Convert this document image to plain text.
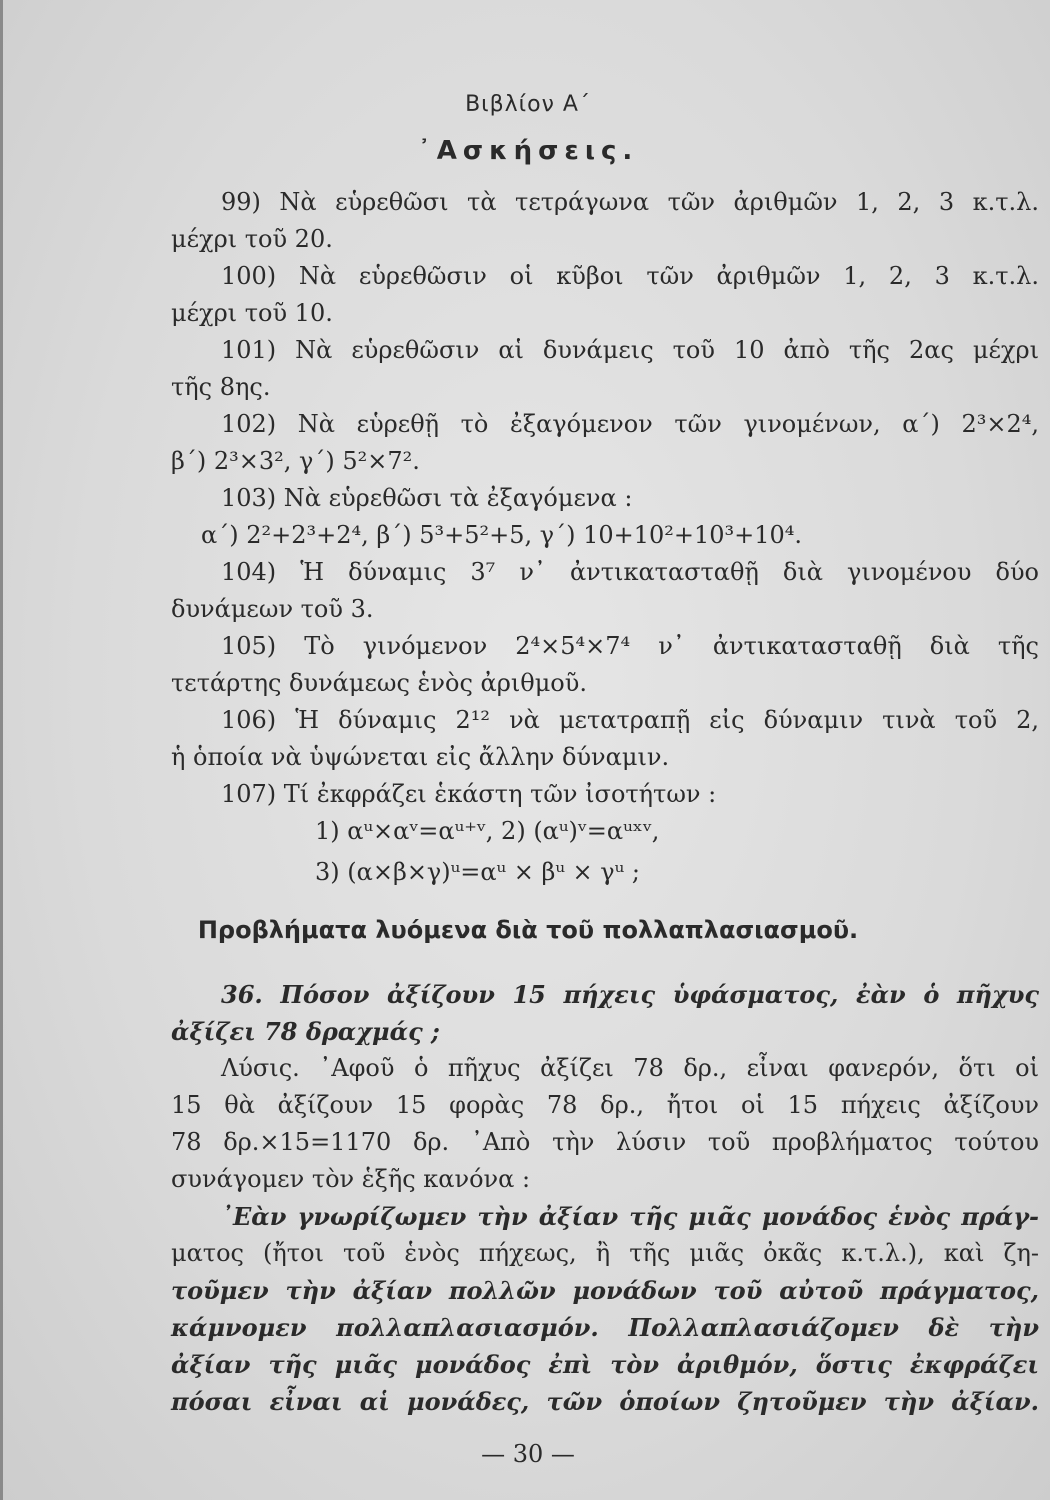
Βιβλίον Α΄
᾿Ασκήσεις.
99) Νὰ εὑρεθῶσι τὰ τετράγωνα τῶν ἀριθμῶν 1, 2, 3 κ.τ.λ.
μέχρι τοῦ 20.
100) Νὰ εὑρεθῶσιν οἱ κῦβοι τῶν ἀριθμῶν 1, 2, 3 κ.τ.λ.
μέχρι τοῦ 10.
101) Νὰ εὑρεθῶσιν αἱ δυνάμεις τοῦ 10 ἀπὸ τῆς 2ας μέχρι
τῆς 8ης.
102) Νὰ εὑρεθῇ τὸ ἐξαγόμενον τῶν γινομένων, α΄) 2³×2⁴,
β΄) 2³×3², γ΄) 5²×7².
103) Νὰ εὑρεθῶσι τὰ ἐξαγόμενα :
α΄) 2²+2³+2⁴, β΄) 5³+5²+5, γ΄) 10+10²+10³+10⁴.
104) Ἡ δύναμις 3⁷ ν᾿ ἀντικατασταθῇ διὰ γινομένου δύο
δυνάμεων τοῦ 3.
105) Τὸ γινόμενον 2⁴×5⁴×7⁴ ν᾿ ἀντικατασταθῇ διὰ τῆς
τετάρτης δυνάμεως ἑνὸς ἀριθμοῦ.
106) Ἡ δύναμις 2¹² νὰ μετατραπῇ εἰς δύναμιν τινὰ τοῦ 2,
ἡ ὁποία νὰ ὑψώνεται εἰς ἄλλην δύναμιν.
107) Τί ἐκφράζει ἑκάστη τῶν ἰσοτήτων :
1) αᵘ×αᵛ=αᵘ⁺ᵛ, 2) (αᵘ)ᵛ=αᵘˣᵛ,
3) (α×β×γ)ᵘ=αᵘ × βᵘ × γᵘ ;
Προβλήματα λυόμενα διὰ τοῦ πολλαπλασιασμοῦ.
36. Πόσον ἀξίζουν 15 πήχεις ὑφάσματος, ἐὰν ὁ πῆχυς
ἀξίζει 78 δραχμάς ;
Λύσις. ᾿Αφοῦ ὁ πῆχυς ἀξίζει 78 δρ., εἶναι φανερόν, ὅτι οἱ
15 θὰ ἀξίζουν 15 φορὰς 78 δρ., ἤτοι οἱ 15 πήχεις ἀξίζουν
78 δρ.×15=1170 δρ. ᾿Απὸ τὴν λύσιν τοῦ προβλήματος τούτου
συνάγομεν τὸν ἑξῆς κανόνα :
᾿Εὰν γνωρίζωμεν τὴν ἀξίαν τῆς μιᾶς μονάδος ἑνὸς πράγ-
ματος (ἤτοι τοῦ ἑνὸς πήχεως, ἢ τῆς μιᾶς ὀκᾶς κ.τ.λ.), καὶ ζη-
τοῦμεν τὴν ἀξίαν πολλῶν μονάδων τοῦ αὐτοῦ πράγματος,
κάμνομεν πολλαπλασιασμόν. Πολλαπλασιάζομεν δὲ τὴν
ἀξίαν τῆς μιᾶς μονάδος ἐπὶ τὸν ἀριθμόν, ὅστις ἐκφράζει
πόσαι εἶναι αἱ μονάδες, τῶν ὁποίων ζητοῦμεν τὴν ἀξίαν.
— 30 —
